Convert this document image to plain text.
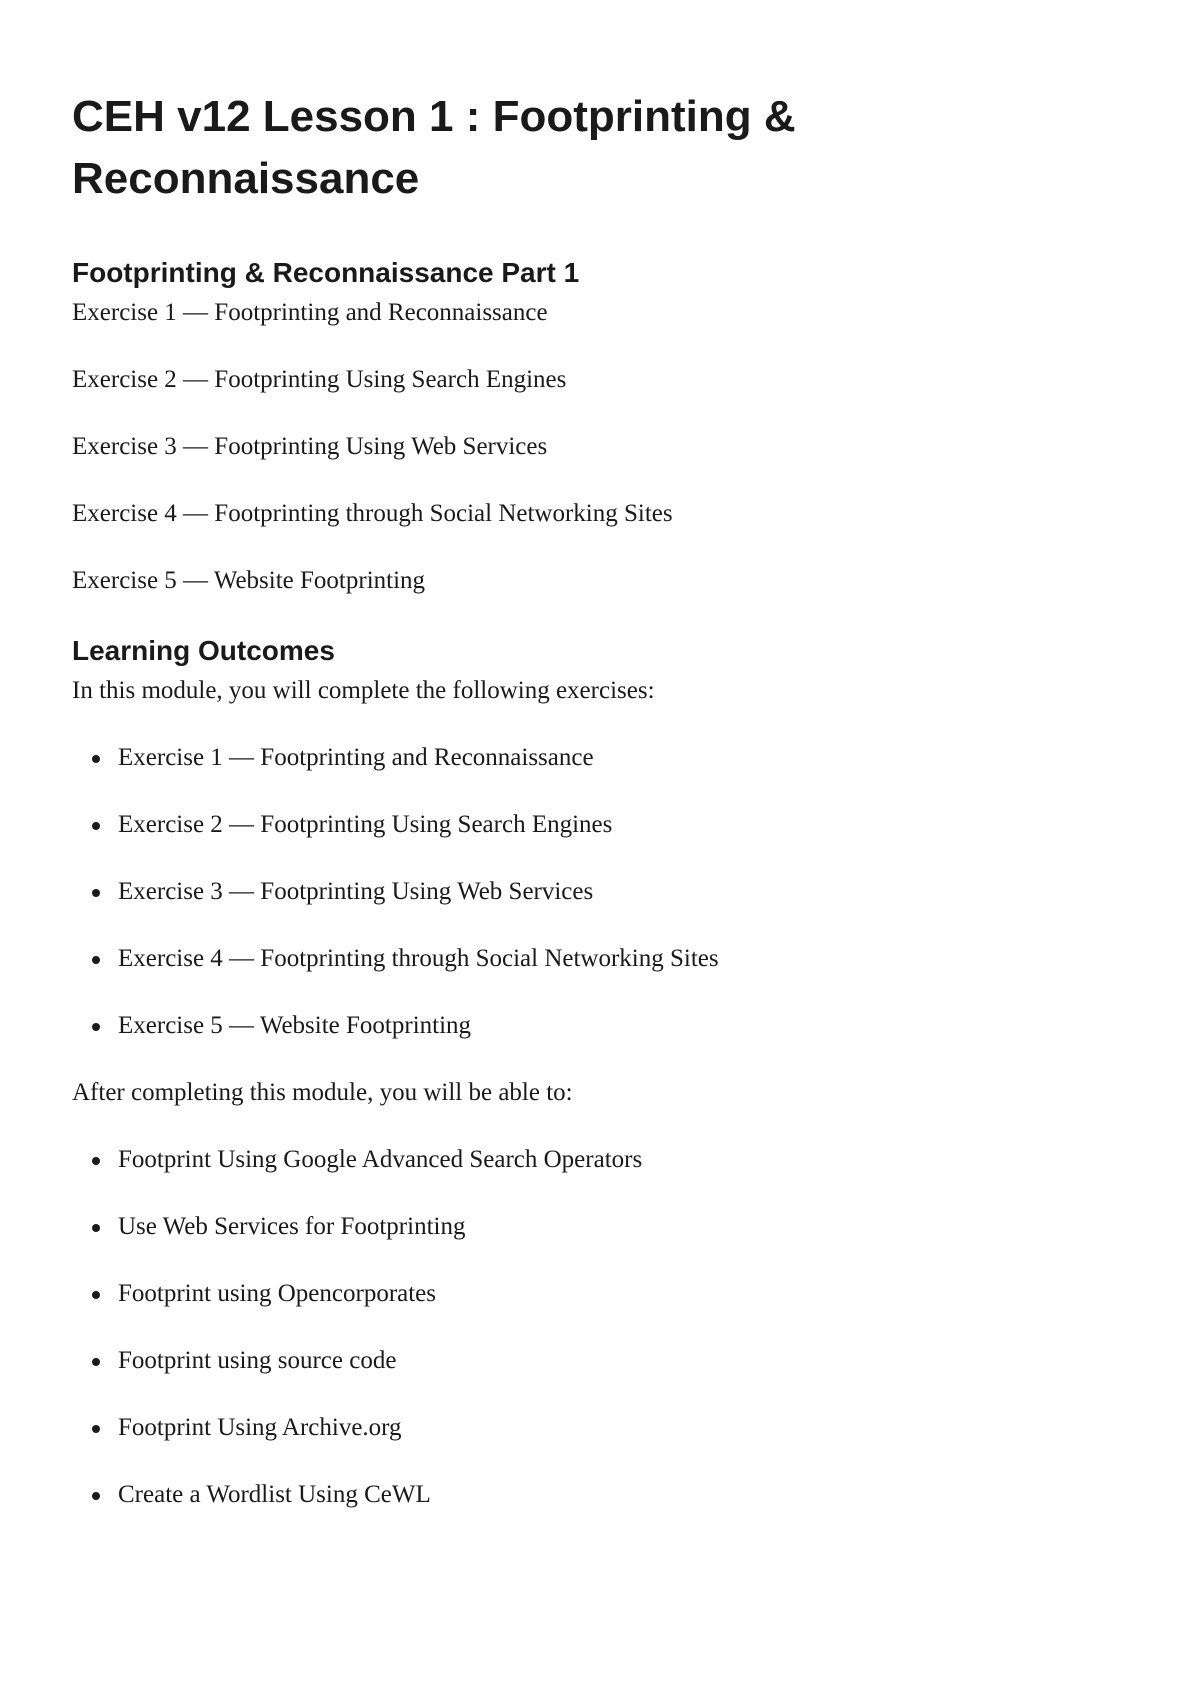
CEH v12 Lesson 1 : Footprinting & Reconnaissance
Footprinting & Reconnaissance Part 1

Exercise 1 — Footprinting and Reconnaissance

Exercise 2 — Footprinting Using Search Engines

Exercise 3 — Footprinting Using Web Services

Exercise 4 — Footprinting through Social Networking Sites

Exercise 5 — Website Footprinting

Learning Outcomes

In this module, you will complete the following exercises:

Exercise 1 — Footprinting and Reconnaissance
Exercise 2 — Footprinting Using Search Engines
Exercise 3 — Footprinting Using Web Services
Exercise 4 — Footprinting through Social Networking Sites
Exercise 5 — Website Footprinting

After completing this module, you will be able to:

Footprint Using Google Advanced Search Operators
Use Web Services for Footprinting
Footprint using Opencorporates
Footprint using source code
Footprint Using Archive.org
Create a Wordlist Using CeWL
